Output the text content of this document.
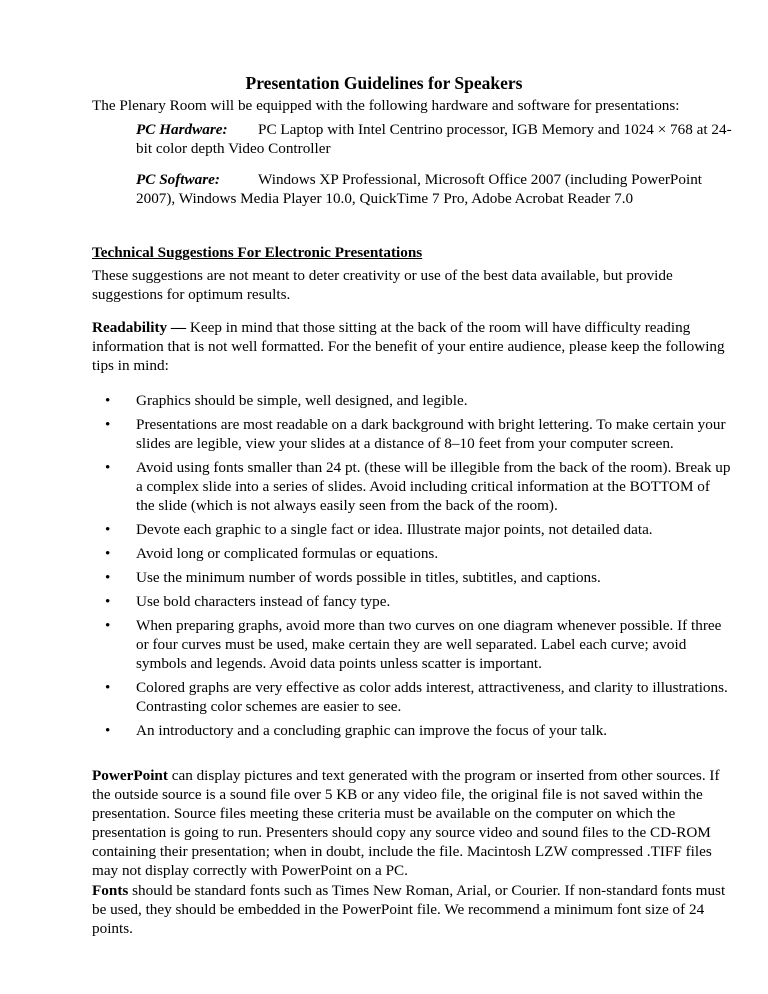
Presentation Guidelines for Speakers
The Plenary Room will be equipped with the following hardware and software for presentations:
PC Hardware: PC Laptop with Intel Centrino processor, IGB Memory and 1024 × 768 at 24-bit color depth Video Controller
PC Software:	Windows XP Professional, Microsoft Office 2007 (including PowerPoint 2007), Windows Media Player 10.0, QuickTime 7 Pro, Adobe Acrobat Reader 7.0
Technical Suggestions For Electronic Presentations
These suggestions are not meant to deter creativity or use of the best data available, but provide suggestions for optimum results.
Readability — Keep in mind that those sitting at the back of the room will have difficulty reading information that is not well formatted. For the benefit of your entire audience, please keep the following tips in mind:
• Graphics should be simple, well designed, and legible.
• Presentations are most readable on a dark background with bright lettering. To make certain your slides are legible, view your slides at a distance of 8–10 feet from your computer screen.
• Avoid using fonts smaller than 24 pt. (these will be illegible from the back of the room). Break up a complex slide into a series of slides. Avoid including critical information at the BOTTOM of the slide (which is not always easily seen from the back of the room).
• Devote each graphic to a single fact or idea. Illustrate major points, not detailed data.
• Avoid long or complicated formulas or equations.
• Use the minimum number of words possible in titles, subtitles, and captions.
• Use bold characters instead of fancy type.
• When preparing graphs, avoid more than two curves on one diagram whenever possible. If three or four curves must be used, make certain they are well separated. Label each curve; avoid symbols and legends. Avoid data points unless scatter is important.
• Colored graphs are very effective as color adds interest, attractiveness, and clarity to illustrations. Contrasting color schemes are easier to see.
• An introductory and a concluding graphic can improve the focus of your talk.
PowerPoint can display pictures and text generated with the program or inserted from other sources. If the outside source is a sound file over 5 KB or any video file, the original file is not saved within the presentation. Source files meeting these criteria must be available on the computer on which the presentation is going to run. Presenters should copy any source video and sound files to the CD-ROM containing their presentation; when in doubt, include the file. Macintosh LZW compressed .TIFF files may not display correctly with PowerPoint on a PC.
Fonts should be standard fonts such as Times New Roman, Arial, or Courier. If non-standard fonts must be used, they should be embedded in the PowerPoint file. We recommend a minimum font size of 24 points.
